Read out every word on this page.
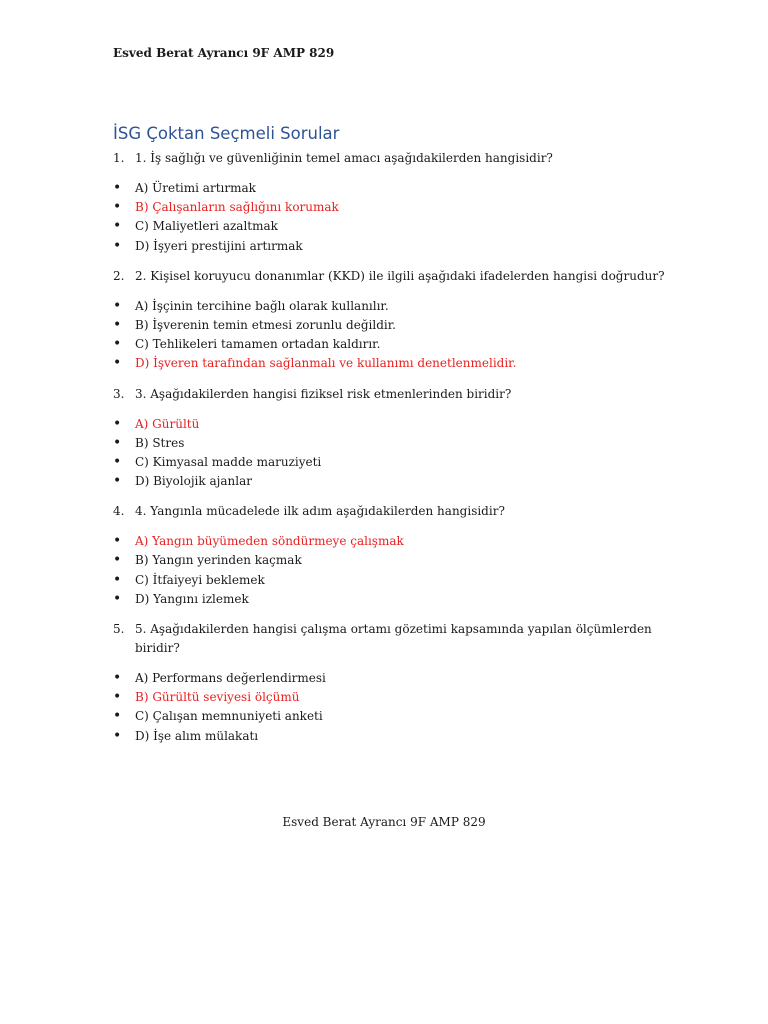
Esved Berat Ayrancı 9F AMP 829
İSG Çoktan Seçmeli Sorular
1. 1. İş sağlığı ve güvenliğinin temel amacı aşağıdakilerden hangisidir?
•	A) Üretimi artırmak
•	B) Çalışanların sağlığını korumak
•	C) Maliyetleri azaltmak
•	D) İşyeri prestijini artırmak
2. 2. Kişisel koruyucu donanımlar (KKD) ile ilgili aşağıdaki ifadelerden hangisi doğrudur?
•	A) İşçinin tercihine bağlı olarak kullanılır.
•	B) İşverenin temin etmesi zorunlu değildir.
•	C) Tehlikeleri tamamen ortadan kaldırır.
•	D) İşveren tarafından sağlanmalı ve kullanımı denetlenmelidir.
3. 3. Aşağıdakilerden hangisi fiziksel risk etmenlerinden biridir?
•	A) Gürültü
•	B) Stres
•	C) Kimyasal madde maruziyeti
•	D) Biyolojik ajanlar
4. 4. Yangınla mücadelede ilk adım aşağıdakilerden hangisidir?
•	A) Yangın büyümeden söndürmeye çalışmak
•	B) Yangın yerinden kaçmak
•	C) İtfaiyeyi beklemek
•	D) Yangını izlemek
5. 5. Aşağıdakilerden hangisi çalışma ortamı gözetimi kapsamında yapılan ölçümlerden biridir?
•	A) Performans değerlendirmesi
•	B) Gürültü seviyesi ölçümü
•	C) Çalışan memnuniyeti anketi
•	D) İşe alım mülakatı
Esved Berat Ayrancı 9F AMP 829
